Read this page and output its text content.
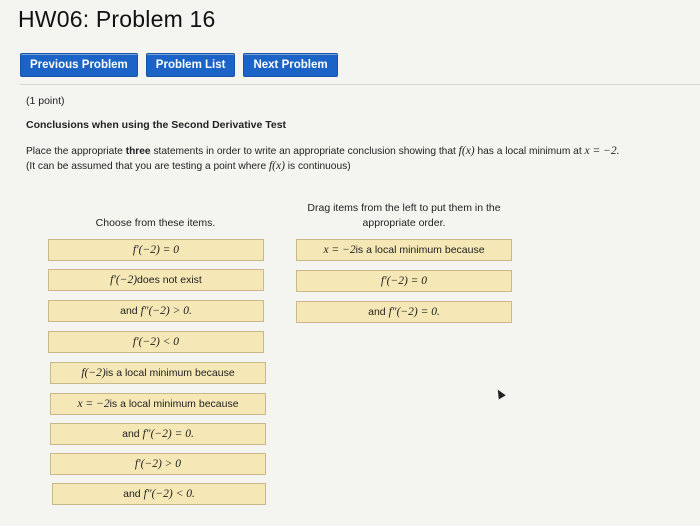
HW06: Problem 16
Previous Problem	Problem List	Next Problem
(1 point)
Conclusions when using the Second Derivative Test
Place the appropriate three statements in order to write an appropriate conclusion showing that f(x) has a local minimum at x = −2.
(It can be assumed that you are testing a point where f(x) is continuous)
Choose from these items.
Drag items from the left to put them in the
appropriate order.
f′(−2) = 0
f′(−2) does not exist
and
f″(−2) > 0.
f′(−2) < 0
f(−2) is a local minimum because
x = −2 is a local minimum because
and
f″(−2) = 0.
f′(−2) > 0
and
f″(−2) < 0.
x = −2 is a local minimum because
f′(−2) = 0
and
f″(−2) = 0.
